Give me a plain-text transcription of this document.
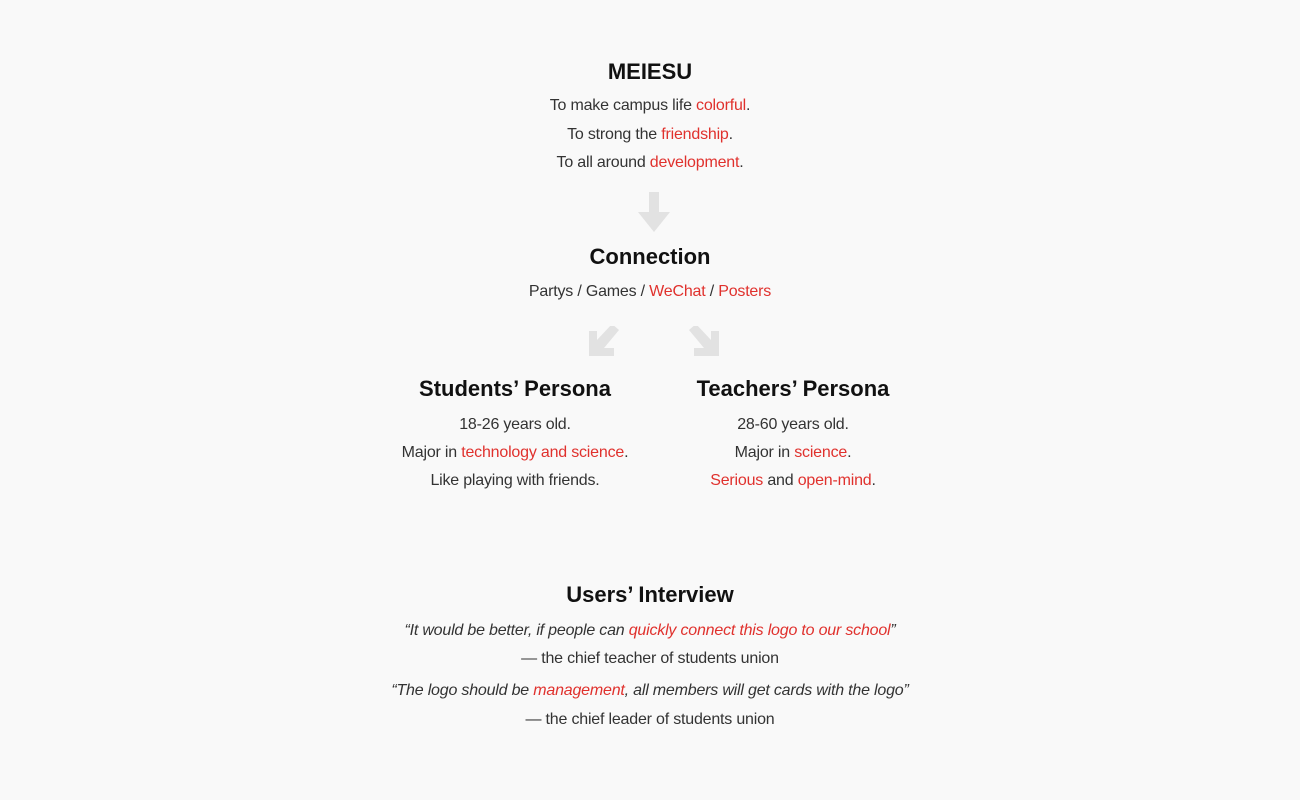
MEIESU
To make campus life colorful.
To strong the friendship.
To all around development.
Connection
Partys / Games / WeChat / Posters
Students’ Persona
18-26 years old.
Major in technology and science.
Like playing with friends.
Teachers’ Persona
28-60 years old.
Major in science.
Serious and open-mind.
Users’ Interview
“It would be better, if people can quickly connect this logo to our school”
— the chief teacher of students union
“The logo should be management, all members will get cards with the logo”
— the chief leader of students union
